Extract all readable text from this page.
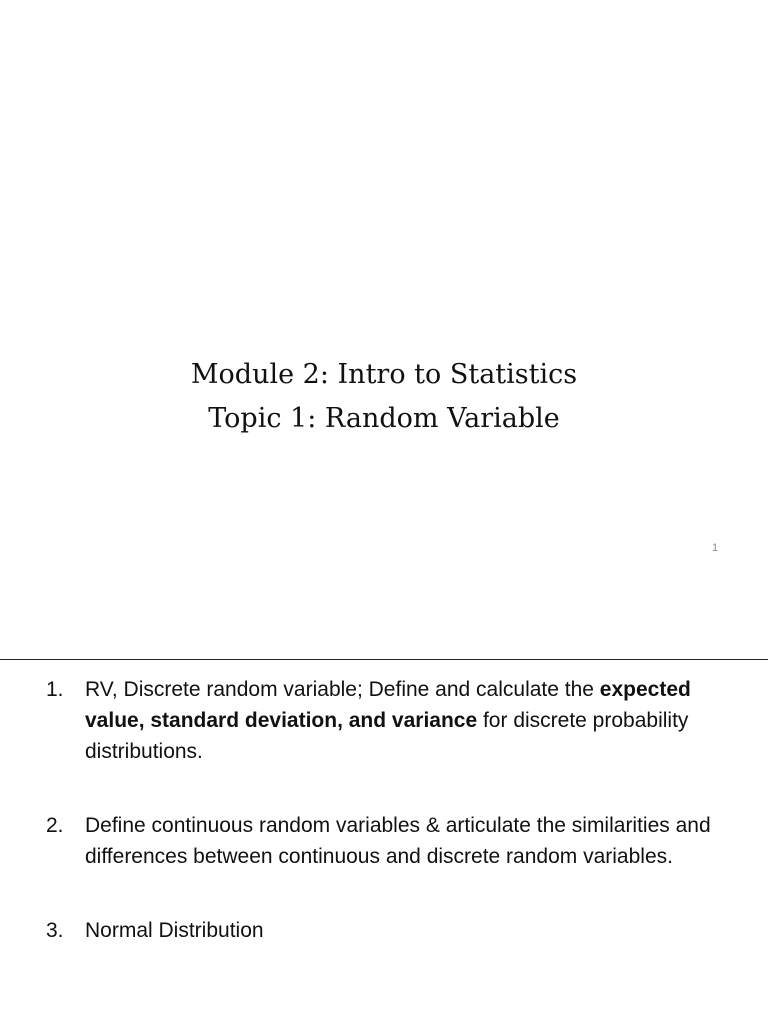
Module 2: Intro to Statistics
Topic 1: Random Variable
1
1. RV, Discrete random variable; Define and calculate the expected value, standard deviation, and variance for discrete probability distributions.
2. Define continuous random variables & articulate the similarities and differences between continuous and discrete random variables.
3. Normal Distribution
